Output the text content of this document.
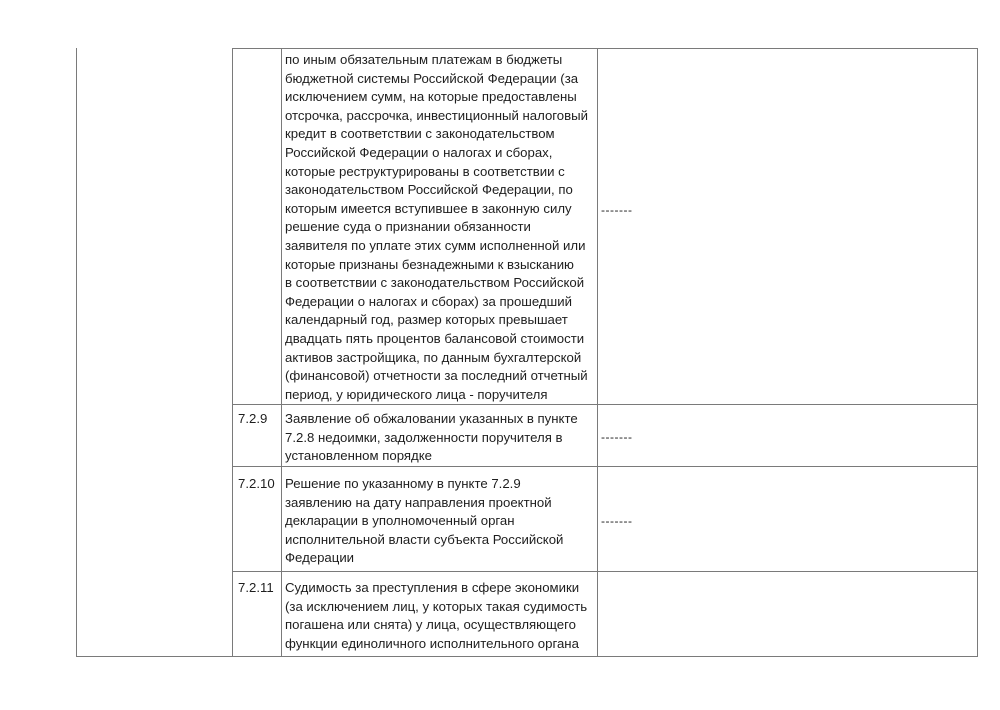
по иным обязательным платежам в бюджеты
бюджетной системы Российской Федерации (за
исключением сумм, на которые предоставлены
отсрочка, рассрочка, инвестиционный налоговый
кредит в соответствии с законодательством
Российской Федерации о налогах и сборах,
которые реструктурированы в соответствии с
законодательством Российской Федерации, по
которым имеется вступившее в законную силу
решение суда о признании обязанности
заявителя по уплате этих сумм исполненной или
которые признаны безнадежными к взысканию
в соответствии с законодательством Российской
Федерации о налогах и сборах) за прошедший
календарный год, размер которых превышает
двадцать пять процентов балансовой стоимости
активов застройщика, по данным бухгалтерской
(финансовой) отчетности за последний отчетный
период, у юридического лица - поручителя
-------
7.2.9 Заявление об обжаловании указанных в пункте
7.2.8 недоимки, задолженности поручителя в
установленном порядке
-------
7.2.10 Решение по указанному в пункте 7.2.9
заявлению на дату направления проектной
декларации в уполномоченный орган
исполнительной власти субъекта Российской
Федерации
-------
7.2.11 Судимость за преступления в сфере экономики
(за исключением лиц, у которых такая судимость
погашена или снята) у лица, осуществляющего
функции единоличного исполнительного органа
